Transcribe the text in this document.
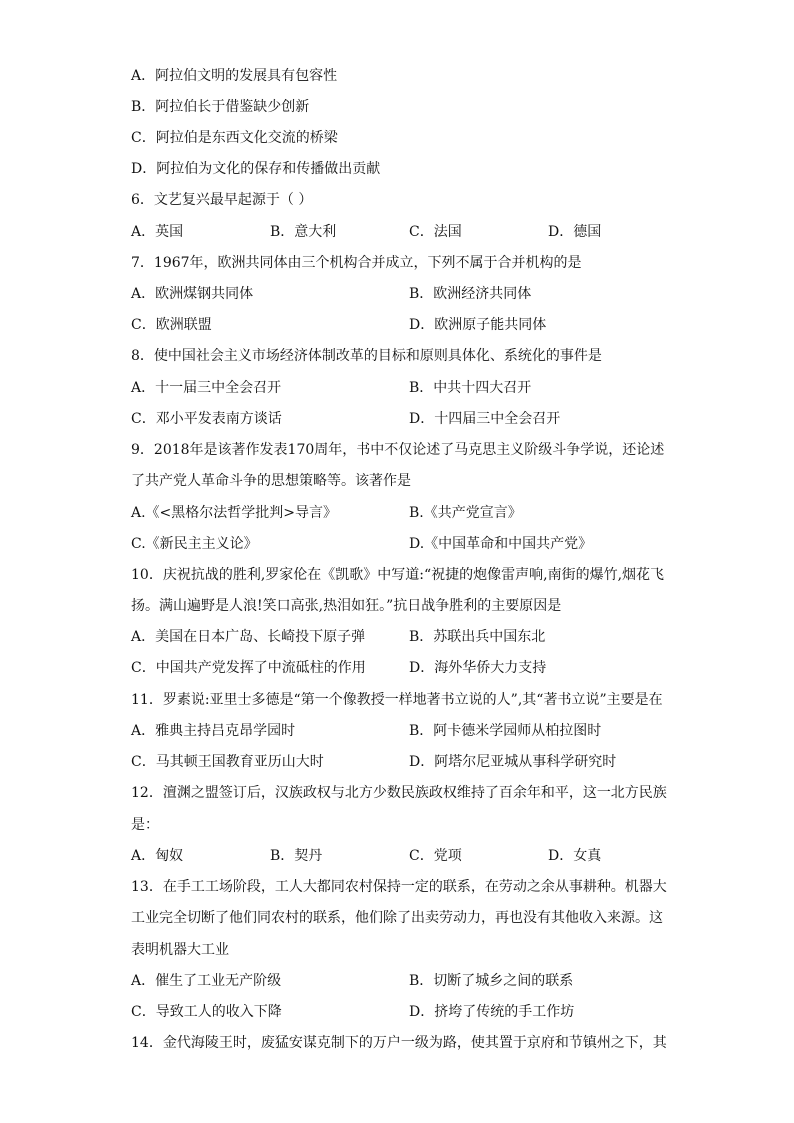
A．阿拉伯文明的发展具有包容性
B．阿拉伯长于借鉴缺少创新
C．阿拉伯是东西文化交流的桥梁
D．阿拉伯为文化的保存和传播做出贡献
6．文艺复兴最早起源于（ ）
A．英国	B．意大利	C．法国	D．德国
7．1967年，欧洲共同体由三个机构合并成立，下列不属于合并机构的是
A．欧洲煤钢共同体	B．欧洲经济共同体
C．欧洲联盟	D．欧洲原子能共同体
8．使中国社会主义市场经济体制改革的目标和原则具体化、系统化的事件是
A．十一届三中全会召开	B．中共十四大召开
C．邓小平发表南方谈话	D．十四届三中全会召开
9．2018年是该著作发表170周年，书中不仅论述了马克思主义阶级斗争学说，还论述
了共产党人革命斗争的思想策略等。该著作是
A.《<黑格尔法哲学批判>导言》	B.《共产党宣言》
C.《新民主主义论》	D.《中国革命和中国共产党》
10．庆祝抗战的胜利,罗家伦在《凯歌》中写道:“祝捷的炮像雷声响,南街的爆竹,烟花飞
扬。满山遍野是人浪!笑口高张,热泪如狂。”抗日战争胜利的主要原因是
A．美国在日本广岛、长崎投下原子弹	B．苏联出兵中国东北
C．中国共产党发挥了中流砥柱的作用	D．海外华侨大力支持
11．罗素说:亚里士多德是“第一个像教授一样地著书立说的人”,其“著书立说”主要是在
A．雅典主持吕克昂学园时	B．阿卡德米学园师从柏拉图时
C．马其顿王国教育亚历山大时	D．阿塔尔尼亚城从事科学研究时
12．澶渊之盟签订后，汉族政权与北方少数民族政权维持了百余年和平，这一北方民族
是：
A．匈奴	B．契丹	C．党项	D．女真
13．在手工工场阶段，工人大都同农村保持一定的联系，在劳动之余从事耕种。机器大
工业完全切断了他们同农村的联系，他们除了出卖劳动力，再也没有其他收入来源。这
表明机器大工业
A．催生了工业无产阶级	B．切断了城乡之间的联系
C．导致工人的收入下降	D．挤垮了传统的手工作坊
14．金代海陵王时，废猛安谋克制下的万户一级为路，使其置于京府和节镇州之下，其
